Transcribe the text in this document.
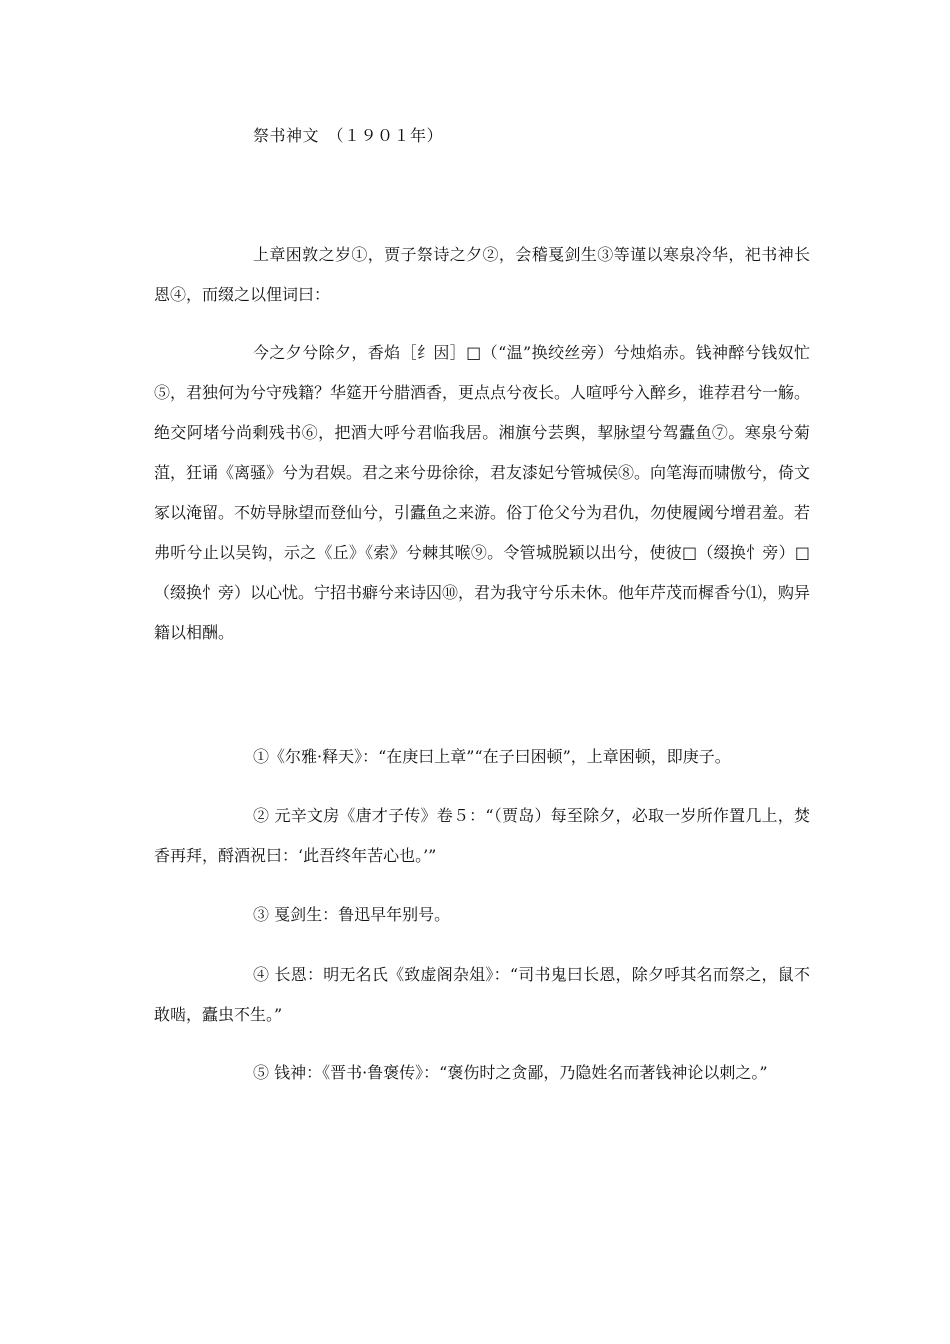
祭书神文　（１９０１年）

上章困敦之岁①，贾子祭诗之夕②，会稽戛剑生③等谨以寒泉冷华，祀书神长恩④，而缀之以俚词曰：

今之夕兮除夕，香焰［纟因］□（“温”换绞丝旁）兮烛焰赤。钱神醉兮钱奴忙⑤，君独何为兮守残籍？华筵开兮腊酒香，更点点兮夜长。人喧呼兮入醉乡，谁荐君兮一觞。绝交阿堵兮尚剩残书⑥，把酒大呼兮君临我居。湘旗兮芸舆，挈脉望兮驾蠹鱼⑦。寒泉兮菊菹，狂诵《离骚》兮为君娱。君之来兮毋徐徐，君友漆妃兮管城侯⑧。向笔海而啸傲兮，倚文冢以淹留。不妨导脉望而登仙兮，引蠹鱼之来游。俗丁伧父兮为君仇，勿使履阈兮增君羞。若弗听兮止以吴钩，示之《丘》《索》兮棘其喉⑨。令管城脱颖以出兮，使彼□（缀换忄旁）□（缀换忄旁）以心忧。宁招书癖兮来诗囚⑩，君为我守兮乐未休。他年芹茂而樨香兮⑴，购异籍以相酬。

①《尔雅·释天》：“在庚曰上章”“在子曰困顿”，上章困顿，即庚子。

② 元辛文房《唐才子传》卷５：“（贾岛）每至除夕，必取一岁所作置几上，焚香再拜，酹酒祝曰：‘此吾终年苦心也。’”

③ 戛剑生：鲁迅早年别号。

④ 长恩：明无名氏《致虚阁杂俎》：“司书鬼曰长恩，除夕呼其名而祭之，鼠不敢啮，蠹虫不生。”

⑤ 钱神：《晋书·鲁褒传》：“褒伤时之贪鄙，乃隐姓名而著钱神论以刺之。”
